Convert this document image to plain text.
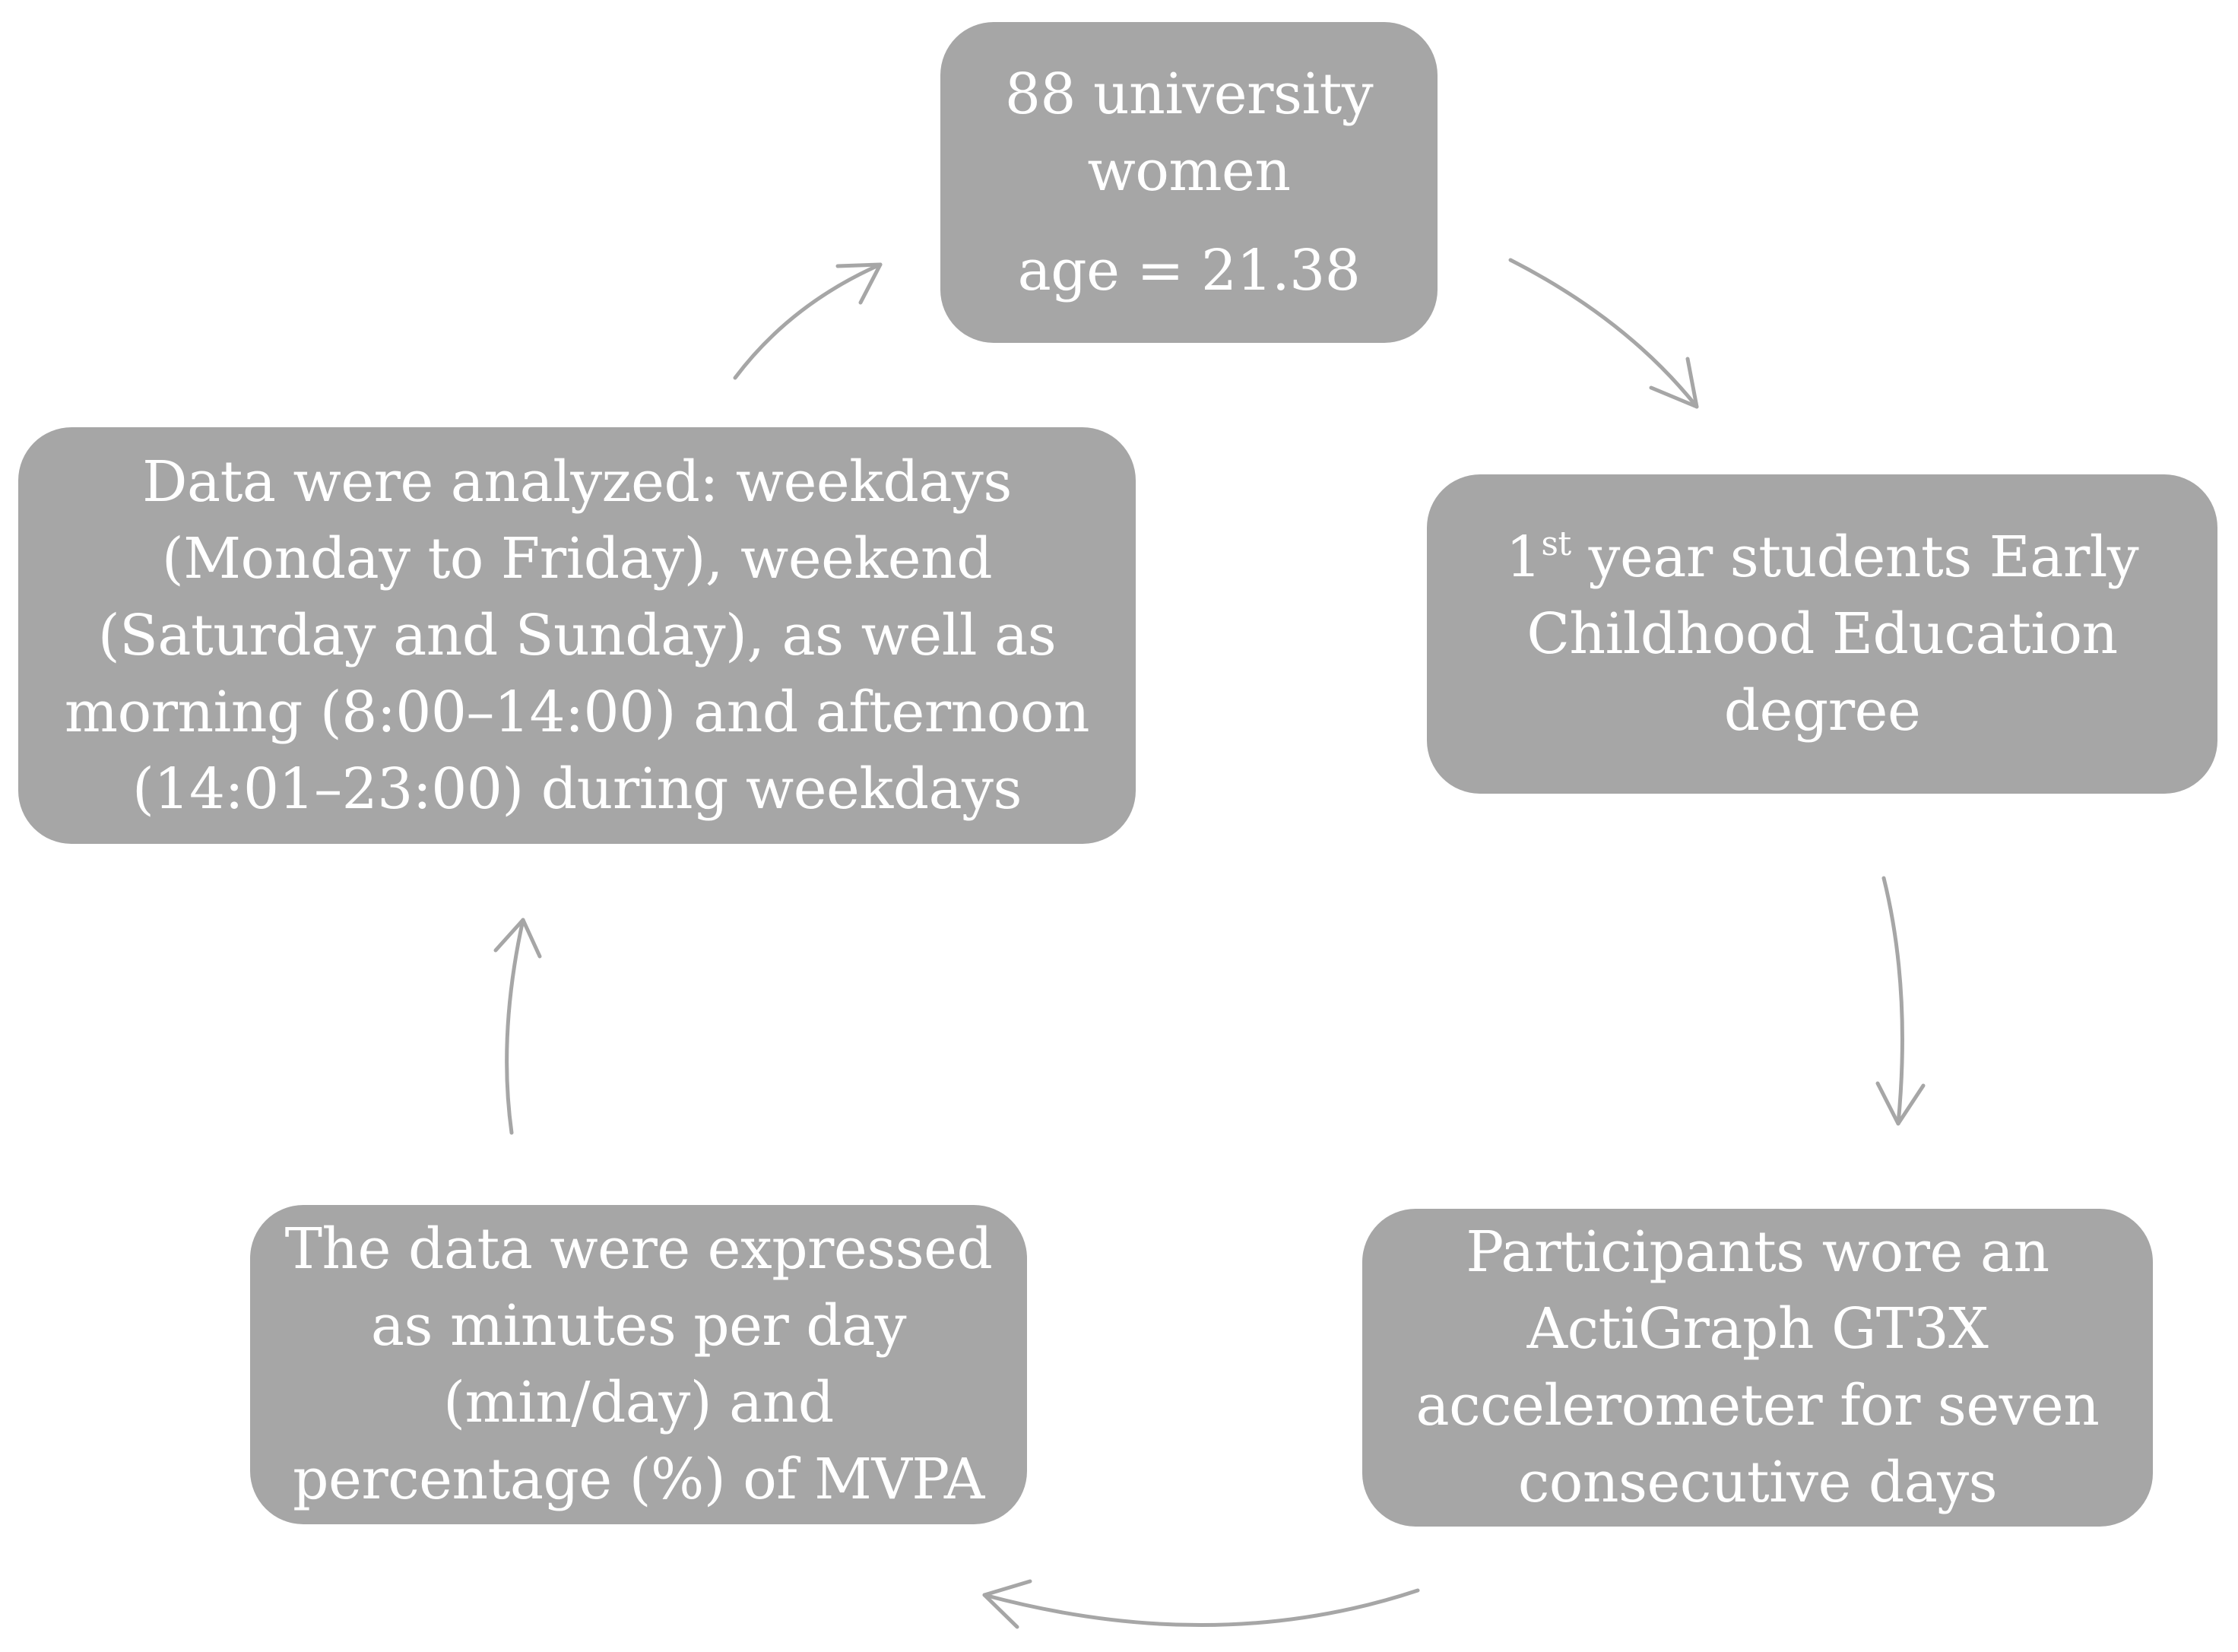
88 university
women
age = 21.38
1st year students Early
Childhood Education
degree
Participants wore an
ActiGraph GT3X
accelerometer for seven
consecutive days
The data were expressed
as minutes per day
(min/day) and
percentage (%) of MVPA
Data were analyzed: weekdays
(Monday to Friday), weekend
(Saturday and Sunday), as well as
morning (8:00–14:00) and afternoon
(14:01–23:00) during weekdays
